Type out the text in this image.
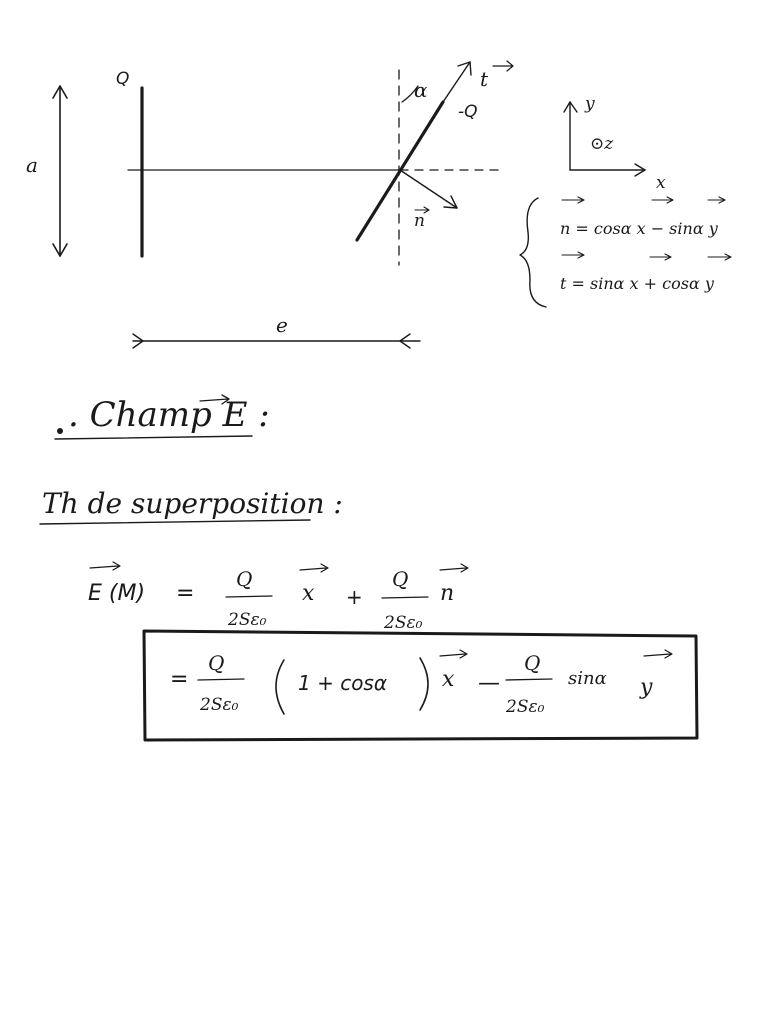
a
Q
-Q
t
α
n
e
y
x
⊙z
n = cosα x − sinα y
t = sinα x + cosα y
. Champ E :
Th de superposition :
E (M) =
Q
2Sε₀
x +
Q
2Sε₀
n
=
Q
2Sε₀
1 + cosα x —
Q
2Sε₀
sinα y
